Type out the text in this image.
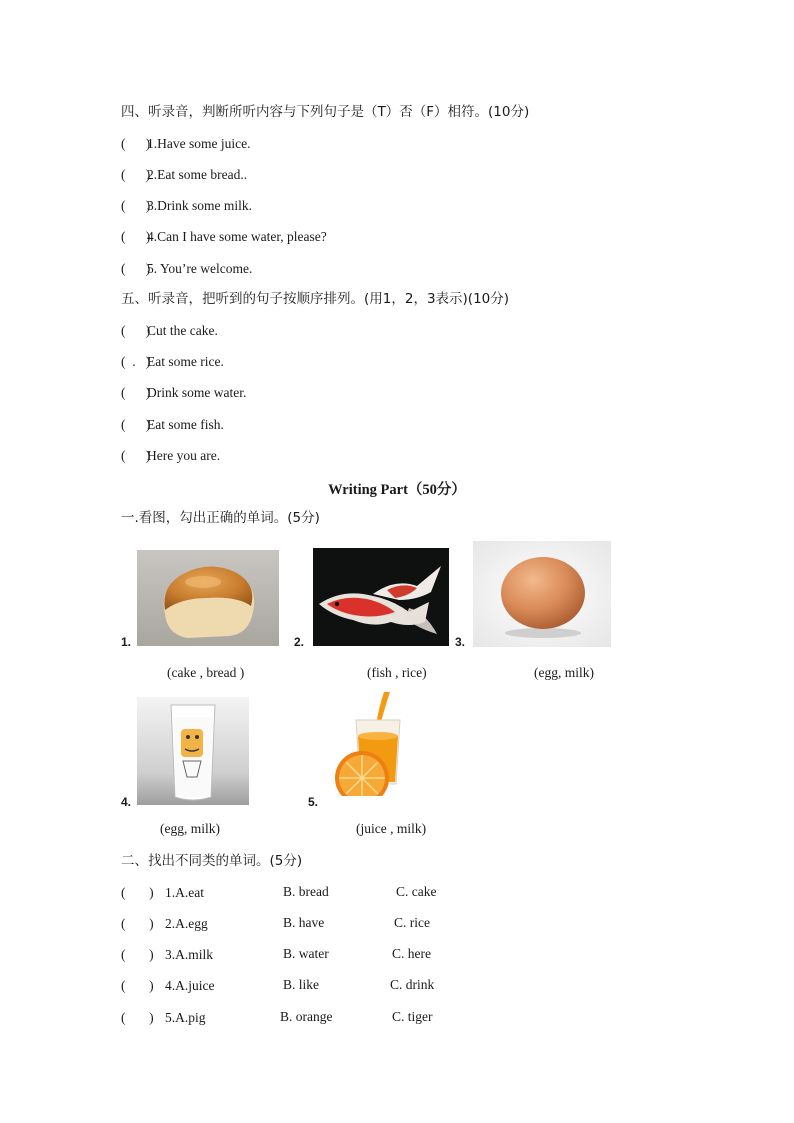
四、听录音，判断所听内容与下列句子是（T）否（F）相符。(10分)
(      )1.Have some juice.
(      )2.Eat some bread..
(      )3.Drink some milk.
(      )4.Can I have some water, please?
(      )5. You’re welcome.
五、听录音，把听到的句子按顺序排列。(用1，2，3表示)(10分)
(      )Cut the cake.
(  .   )Eat some rice.
(      )Drink some water.
(      )Eat some fish.
(      )Here you are.
Writing Part（50分）
一.看图，勾出正确的单词。(5分)
1.	2.	3.
(cake , bread )	(fish , rice)	(egg, milk)
4.	5.
(egg, milk)	(juice , milk)
二、找出不同类的单词。(5分)
(       ) 1.A.eat	B. bread	C. cake
(       ) 2.A.egg	B. have	C. rice
(       ) 3.A.milk	B. water	C. here
(       ) 4.A.juice	B. like	C. drink
(       ) 5.A.pig	B. orange	C. tiger
